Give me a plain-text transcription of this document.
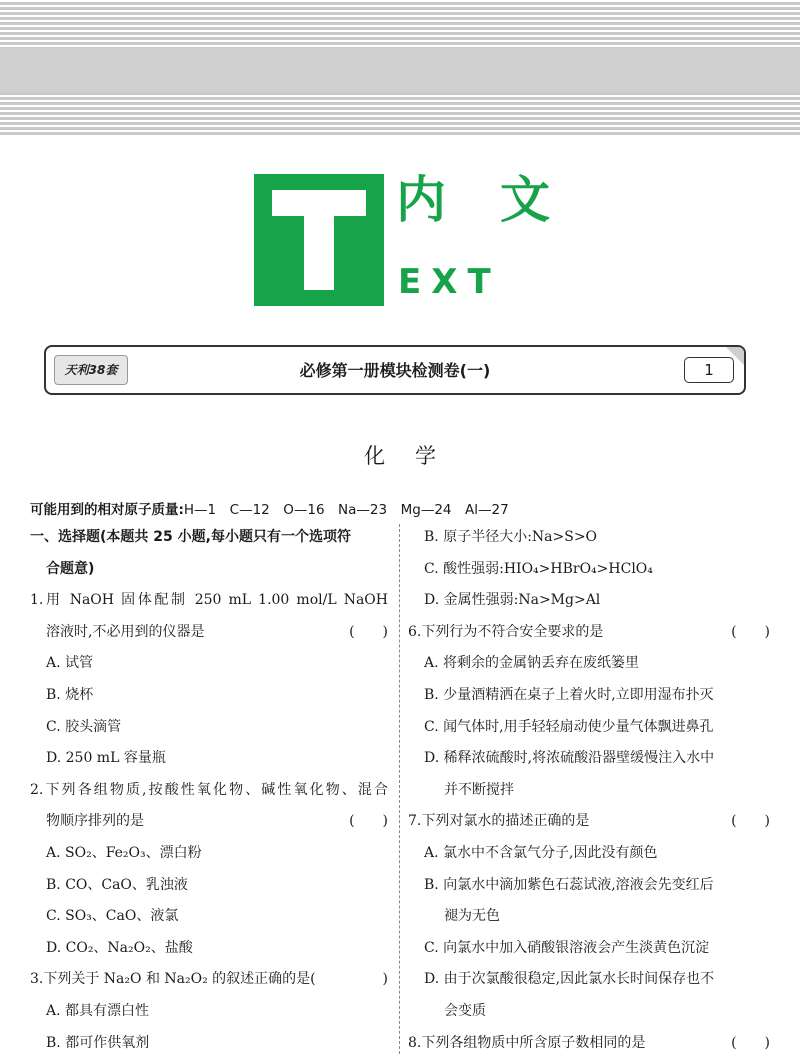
内文
EXT
天利38套	必修第一册模块检测卷(一)	1
化学
可能用到的相对原子质量:H—1　C—12　O—16　Na—23　Mg—24　Al—27
一、选择题(本题共 25 小题,每小题只有一个选项符
合题意)
1.用 NaOH 固体配制 250 mL 1.00 mol/L NaOH
溶液时,不必用到的仪器是	(　　)
A. 试管
B. 烧杯
C. 胶头滴管
D. 250 mL 容量瓶
2.下列各组物质,按酸性氧化物、碱性氧化物、混合
物顺序排列的是	(　　)
A. SO₂、Fe₂O₃、漂白粉
B. CO、CaO、乳浊液
C. SO₃、CaO、液氯
D. CO₂、Na₂O₂、盐酸
3.下列关于 Na₂O 和 Na₂O₂ 的叙述正确的是(	)
A. 都具有漂白性
B. 都可作供氧剂
B. 原子半径大小:Na>S>O
C. 酸性强弱:HIO₄>HBrO₄>HClO₄
D. 金属性强弱:Na>Mg>Al
6.下列行为不符合安全要求的是	(　　)
A. 将剩余的金属钠丢弃在废纸篓里
B. 少量酒精洒在桌子上着火时,立即用湿布扑灭
C. 闻气体时,用手轻轻扇动使少量气体飘进鼻孔
D. 稀释浓硫酸时,将浓硫酸沿器壁缓慢注入水中
并不断搅拌
7.下列对氯水的描述正确的是	(　　)
A. 氯水中不含氯气分子,因此没有颜色
B. 向氯水中滴加紫色石蕊试液,溶液会先变红后
褪为无色
C. 向氯水中加入硝酸银溶液会产生淡黄色沉淀
D. 由于次氯酸很稳定,因此氯水长时间保存也不
会变质
8.下列各组物质中所含原子数相同的是	(　　)
